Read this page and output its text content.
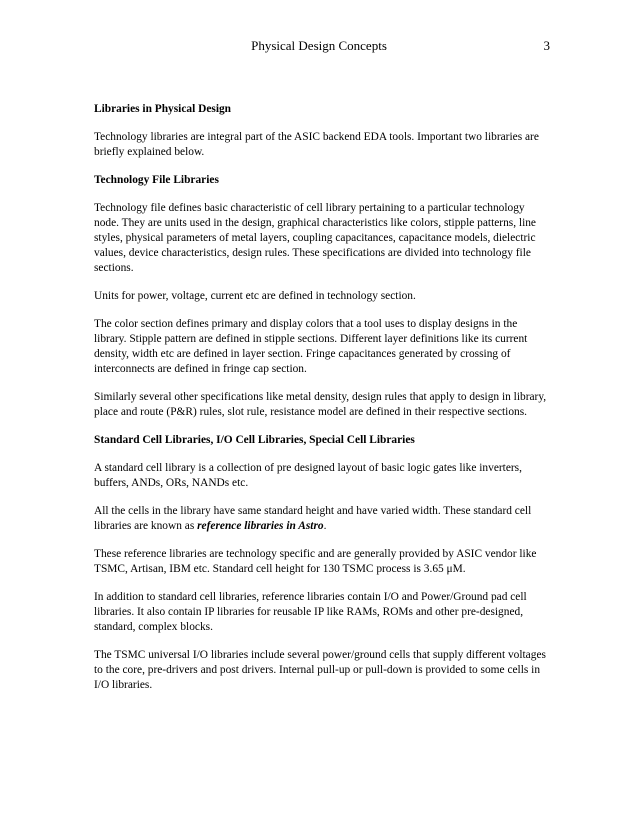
Physical Design Concepts	3
Libraries in Physical Design

Technology libraries are integral part of the ASIC backend EDA tools. Important two libraries are briefly explained below.

Technology File Libraries

Technology file defines basic characteristic of cell library pertaining to a particular technology node. They are units used in the design, graphical characteristics like colors, stipple patterns, line styles, physical parameters of metal layers, coupling capacitances, capacitance models, dielectric values, device characteristics, design rules. These specifications are divided into technology file sections.

Units for power, voltage, current etc are defined in technology section.

The color section defines primary and display colors that a tool uses to display designs in the library. Stipple pattern are defined in stipple sections. Different layer definitions like its current density, width etc are defined in layer section. Fringe capacitances generated by crossing of interconnects are defined in fringe cap section.

Similarly several other specifications like metal density, design rules that apply to design in library, place and route (P&R) rules, slot rule, resistance model are defined in their respective sections.

Standard Cell Libraries, I/O Cell Libraries, Special Cell Libraries

A standard cell library is a collection of pre designed layout of basic logic gates like inverters, buffers, ANDs, ORs, NANDs etc.

All the cells in the library have same standard height and have varied width. These standard cell libraries are known as reference libraries in Astro.

These reference libraries are technology specific and are generally provided by ASIC vendor like TSMC, Artisan, IBM etc. Standard cell height for 130 TSMC process is 3.65 μM.

In addition to standard cell libraries, reference libraries contain I/O and Power/Ground pad cell libraries. It also contain IP libraries for reusable IP like RAMs, ROMs and other pre-designed, standard, complex blocks.

The TSMC universal I/O libraries include several power/ground cells that supply different voltages to the core, pre-drivers and post drivers. Internal pull-up or pull-down is provided to some cells in I/O libraries.
